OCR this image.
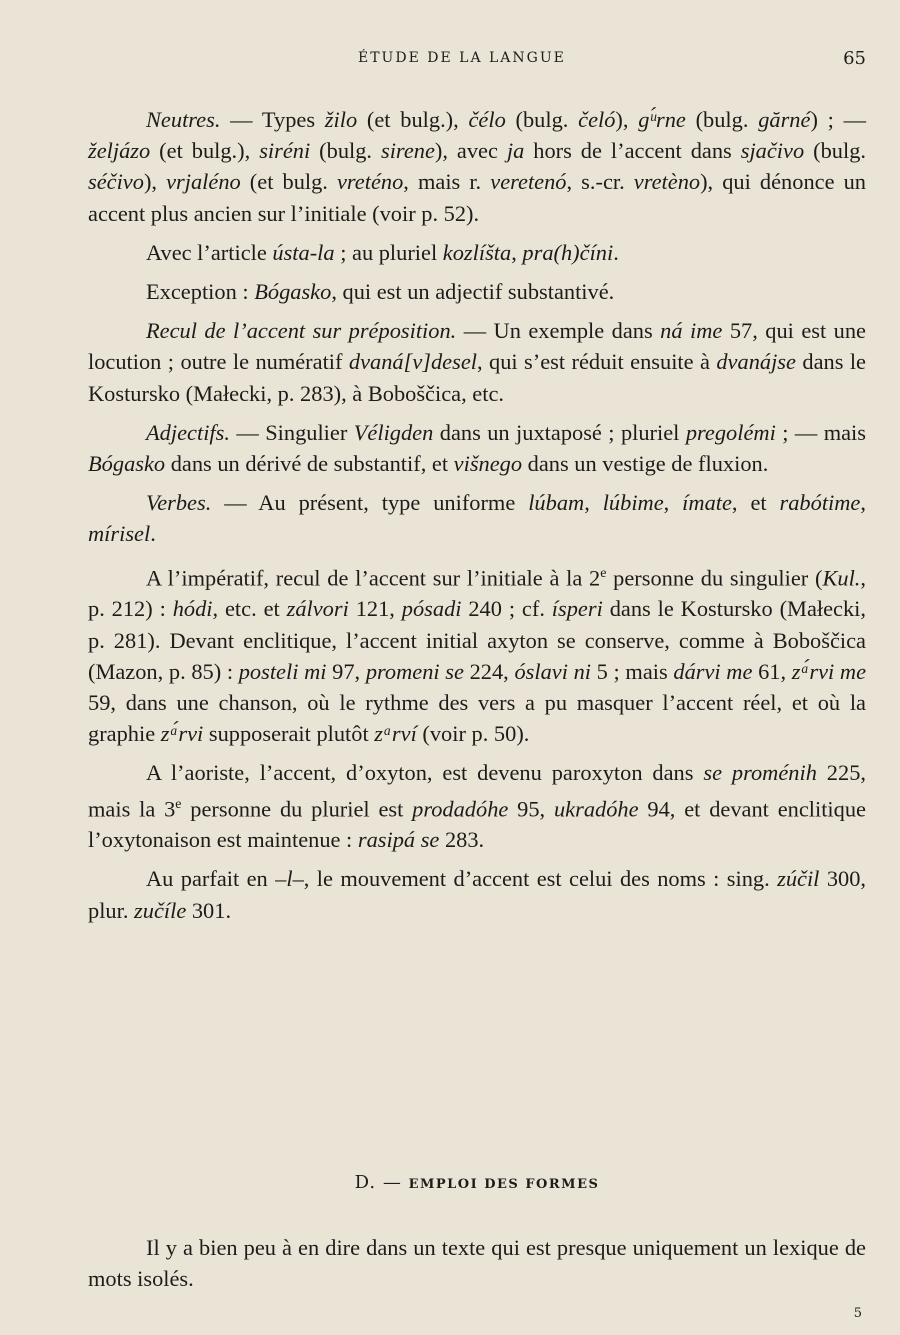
ÉTUDE DE LA LANGUE	65

Neutres. — Types žilo (et bulg.), čélo (bulg. čeló), gᵘ́rne (bulg. gărné) ; — željázo (et bulg.), siréni (bulg. sirene), avec ja hors de l’accent dans sjačivo (bulg. séčivo), vrjaléno (et bulg. vreténo, mais r. veretenó, s.-cr. vretèno), qui dénonce un accent plus ancien sur l’initiale (voir p. 52).

Avec l’article ústa-la ; au pluriel kozlíšta, pra(h)číni.

Exception : Bógasko, qui est un adjectif substantivé.

Recul de l’accent sur préposition. — Un exemple dans ná ime 57, qui est une locution ; outre le numératif dvaná[v]desel, qui s’est réduit ensuite à dvanájse dans le Kostursko (Małecki, p. 283), à Boboščica, etc.

Adjectifs. — Singulier Véligden dans un juxtaposé ; pluriel pregolémi ; — mais Bógasko dans un dérivé de substantif, et višnego dans un vestige de fluxion.

Verbes. — Au présent, type uniforme lúbam, lúbime, ímate, et rabótime, mírisel.

A l’impératif, recul de l’accent sur l’initiale à la 2e personne du singulier (Kul., p. 212) : hódi, etc. et zálvori 121, pósadi 240 ; cf. ísperi dans le Kostursko (Małecki, p. 281). Devant enclitique, l’accent initial axyton se conserve, comme à Boboščica (Mazon, p. 85) : posteli mi 97, promeni se 224, óslavi ni 5 ; mais dárvi me 61, zᵃ́rvi me 59, dans une chanson, où le rythme des vers a pu masquer l’accent réel, et où la graphie zᵃ́rvi supposerait plutôt zᵃrví (voir p. 50).

A l’aoriste, l’accent, d’oxyton, est devenu paroxyton dans se proménih 225, mais la 3e personne du pluriel est prodadóhe 95, ukradóhe 94, et devant enclitique l’oxytonaison est maintenue : rasipá se 283.

Au parfait en –l–, le mouvement d’accent est celui des noms : sing. zúčil 300, plur. zučíle 301.

D. — EMPLOI DES FORMES

Il y a bien peu à en dire dans un texte qui est presque uniquement un lexique de mots isolés.

5
